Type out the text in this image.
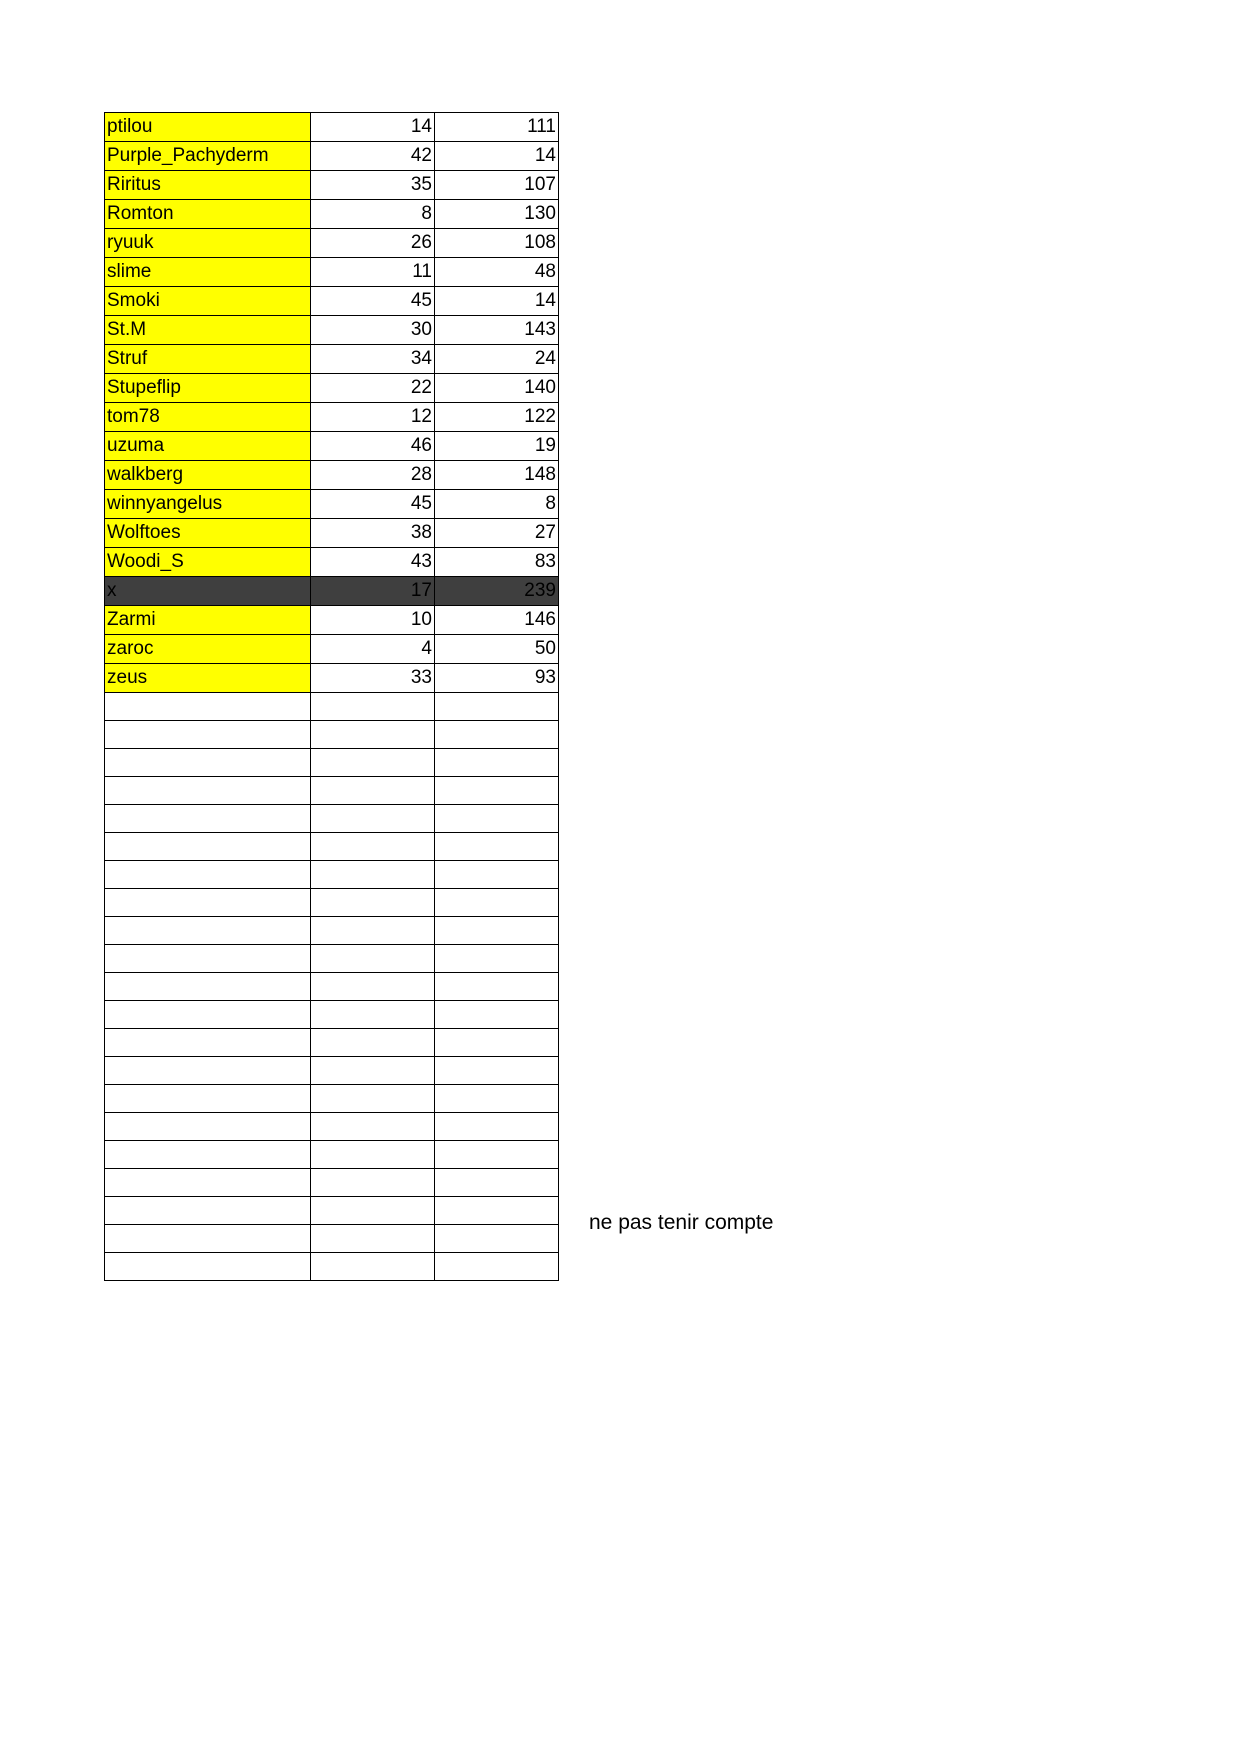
ptilou	14	111
Purple_Pachyderm	42	14
Riritus	35	107
Romton	8	130
ryuuk	26	108
slime	11	48
Smoki	45	14
St.M	30	143
Struf	34	24
Stupeflip	22	140
tom78	12	122
uzuma	46	19
walkberg	28	148
winnyangelus	45	8
Wolftoes	38	27
Woodi_S	43	83
x	17	239
Zarmi	10	146
zaroc	4	50
zeus	33	93

ne pas tenir compte
